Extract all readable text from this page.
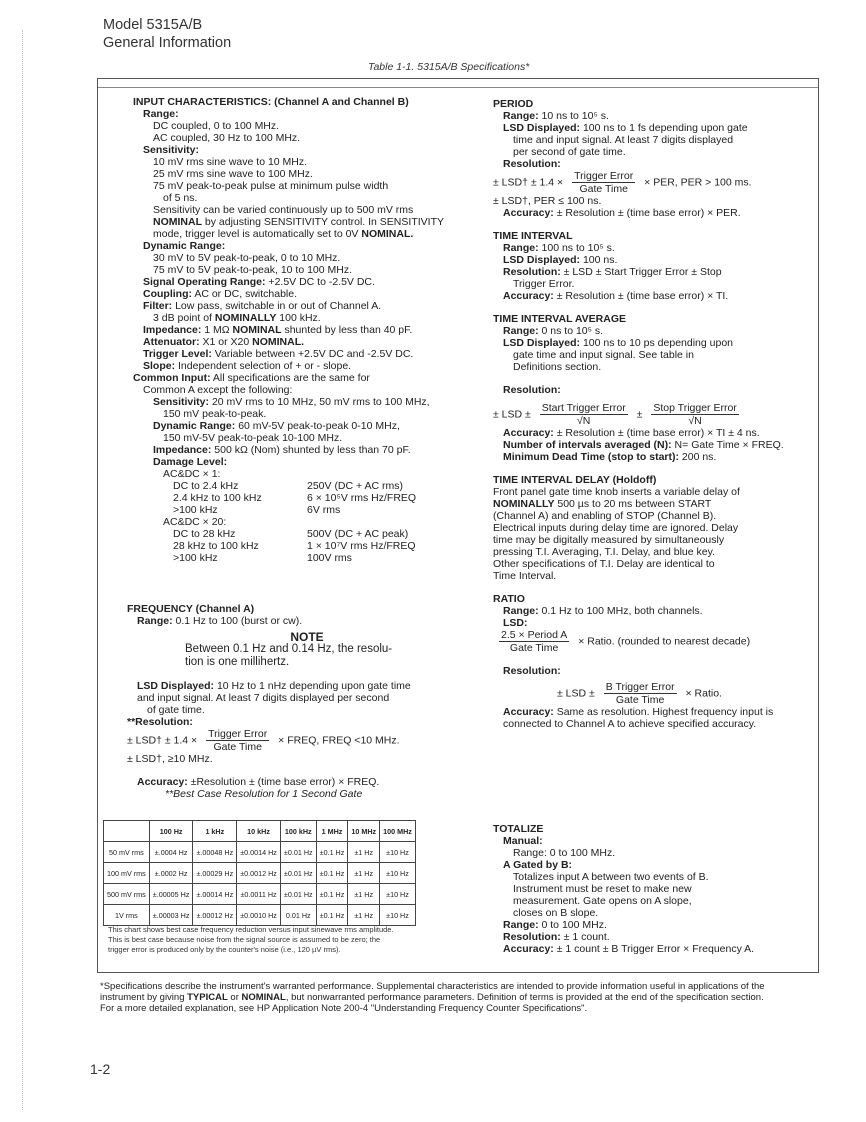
Model 5315A/B
General Information
Table 1-1. 5315A/B Specifications*
INPUT CHARACTERISTICS: (Channel A and Channel B)
Range:
DC coupled, 0 to 100 MHz.
AC coupled, 30 Hz to 100 MHz.
Sensitivity:
10 mV rms sine wave to 10 MHz.
25 mV rms sine wave to 100 MHz.
75 mV peak-to-peak pulse at minimum pulse width
of 5 ns.
Sensitivity can be varied continuously up to 500 mV rms
NOMINAL by adjusting SENSITIVITY control. In SENSITIVITY
mode, trigger level is automatically set to 0V NOMINAL.
Dynamic Range:
30 mV to 5V peak-to-peak, 0 to 10 MHz.
75 mV to 5V peak-to-peak, 10 to 100 MHz.
Signal Operating Range: +2.5V DC to -2.5V DC.
Coupling: AC or DC, switchable.
Filter: Low pass, switchable in or out of Channel A.
3 dB point of NOMINALLY 100 kHz.
Impedance: 1 MΩ NOMINAL shunted by less than 40 pF.
Attenuator: X1 or X20 NOMINAL.
Trigger Level: Variable between +2.5V DC and -2.5V DC.
Slope: Independent selection of + or - slope.
Common Input: All specifications are the same for
Common A except the following:
Sensitivity: 20 mV rms to 10 MHz, 50 mV rms to 100 MHz,
150 mV peak-to-peak.
Dynamic Range: 60 mV-5V peak-to-peak 0-10 MHz,
150 mV-5V peak-to-peak 10-100 MHz.
Impedance: 500 kΩ (Nom) shunted by less than 70 pF.
Damage Level:
AC&DC × 1:
DC to 2.4 kHz	250V (DC + AC rms)
2.4 kHz to 100 kHz	6 × 10⁵V rms Hz/FREQ
>100 kHz	6V rms
AC&DC × 20:
DC to 28 kHz	500V (DC + AC peak)
28 kHz to 100 kHz	1 × 10⁷V rms Hz/FREQ
>100 kHz	100V rms
FREQUENCY (Channel A)
Range: 0.1 Hz to 100 (burst or cw).
NOTE
Between 0.1 Hz and 0.14 Hz, the resolu-
tion is one millihertz.
LSD Displayed: 10 Hz to 1 nHz depending upon gate time
and input signal. At least 7 digits displayed per second
of gate time.
**Resolution:
± LSD† ± $1.4 \times \frac{\text{Trigger Error}}{\text{Gate Time}}$ × FREQ, FREQ <10 MHz.
± LSD†, ≥10 MHz.
Accuracy: ±Resolution ± (time base error) × FREQ.
**Best Case Resolution for 1 Second Gate
	100 Hz	1 kHz	10 kHz	100 kHz	1 MHz	10 MHz	100 MHz
50 mV rms	±.0004 Hz	±.00048 Hz	±0.0014 Hz	±0.01 Hz	±0.1 Hz	±1 Hz	±10 Hz
100 mV rms	±.0002 Hz	±.00029 Hz	±0.0012 Hz	±0.01 Hz	±0.1 Hz	±1 Hz	±10 Hz
500 mV rms	±.00005 Hz	±.00014 Hz	±0.0011 Hz	±0.01 Hz	±0.1 Hz	±1 Hz	±10 Hz
1V rms	±.00003 Hz	±.00012 Hz	±0.0010 Hz	0.01 Hz	±0.1 Hz	±1 Hz	±10 Hz
This chart shows best case frequency reduction versus input sinewave rms amplitude.
This is best case because noise from the signal source is assumed to be zero; the
trigger error is produced only by the counter's noise (i.e., 120 µV rms).
PERIOD
Range: 10 ns to 10⁵ s.
LSD Displayed: 100 ns to 1 fs depending upon gate
time and input signal. At least 7 digits displayed
per second of gate time.
Resolution:
± LSD† ± $1.4 \times \frac{\text{Trigger Error}}{\text{Gate Time}}$ × PER, PER > 100 ms.
± LSD†, PER ≤ 100 ns.
Accuracy: ± Resolution ± (time base error) × PER.
TIME INTERVAL
Range: 100 ns to 10⁵ s.
LSD Displayed: 100 ns.
Resolution: ± LSD ± Start Trigger Error ± Stop
Trigger Error.
Accuracy: ± Resolution ± (time base error) × TI.
TIME INTERVAL AVERAGE
Range: 0 ns to 10⁵ s.
LSD Displayed: 100 ns to 10 ps depending upon
gate time and input signal. See table in
Definitions section.
Resolution:
± LSD ± $\frac{\text{Start Trigger Error}}{√N} \pm \frac{\text{Stop Trigger Error}}{√N}$
Accuracy: ± Resolution ± (time base error) × TI ± 4 ns.
Number of intervals averaged (N): N= Gate Time × FREQ.
Minimum Dead Time (stop to start): 200 ns.
TIME INTERVAL DELAY (Holdoff)
Front panel gate time knob inserts a variable delay of
NOMINALLY 500 µs to 20 ms between START
(Channel A) and enabling of STOP (Channel B).
Electrical inputs during delay time are ignored. Delay
time may be digitally measured by simultaneously
pressing T.I. Averaging, T.I. Delay, and blue key.
Other specifications of T.I. Delay are identical to
Time Interval.
RATIO
Range: 0.1 Hz to 100 MHz, both channels.
LSD:
$\frac{\text{2.5 × Period A}}{\text{Gate Time}}$ × Ratio. (rounded to nearest decade)
Resolution:
± LSD ± $\frac{\text{B Trigger Error}}{\text{Gate Time}}$ × Ratio.
Accuracy: Same as resolution. Highest frequency input is
connected to Channel A to achieve specified accuracy.
TOTALIZE
Manual:
Range: 0 to 100 MHz.
A Gated by B:
Totalizes input A between two events of B.
Instrument must be reset to make new
measurement. Gate opens on A slope,
closes on B slope.
Range: 0 to 100 MHz.
Resolution: ± 1 count.
Accuracy: ± 1 count ± B Trigger Error × Frequency A.
*Specifications describe the instrument's warranted performance. Supplemental characteristics are intended to provide information useful in applications of the
instrument by giving TYPICAL or NOMINAL, but nonwarranted performance parameters. Definition of terms is provided at the end of the specification section.
For a more detailed explanation, see HP Application Note 200-4 "Understanding Frequency Counter Specifications".
1-2
